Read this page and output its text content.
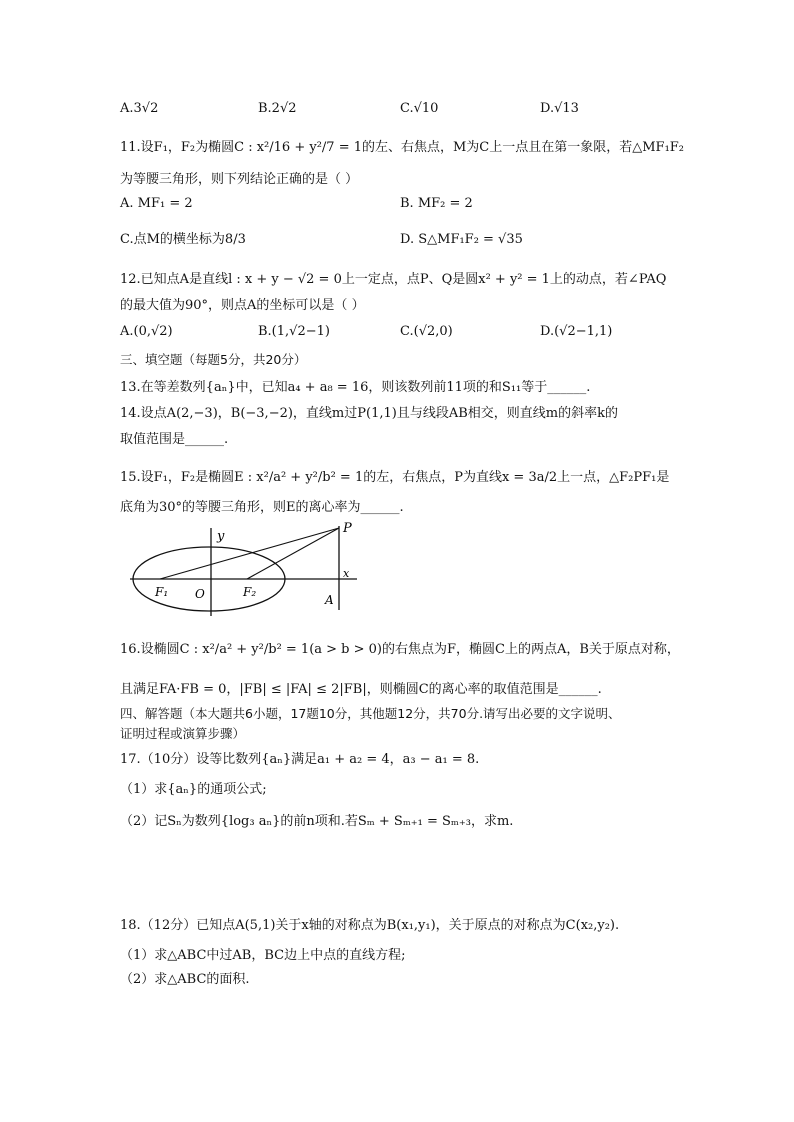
A.3√2	B.2√2	C.√10	D.√13
11.设F₁，F₂为椭圆C : x²/16 + y²/7 = 1的左、右焦点，M为C上一点且在第一象限，若△MF₁F₂
为等腰三角形，则下列结论正确的是（ ）
A. MF₁ = 2	B. MF₂ = 2
C.点M的横坐标为8/3	D. S△MF₁F₂ = √35
12.已知点A是直线l : x + y − √2 = 0上一定点，点P、Q是圆x² + y² = 1上的动点，若∠PAQ
的最大值为90°，则点A的坐标可以是（ ）
A.(0,√2)	B.(1,√2−1)	C.(√2,0)	D.(√2−1,1)
三、填空题（每题5分，共20分）
13.在等差数列{aₙ}中，已知a₄ + a₈ = 16，则该数列前11项的和S₁₁等于______.
14.设点A(2,−3)，B(−3,−2)，直线m过P(1,1)且与线段AB相交，则直线m的斜率k的
取值范围是______.
15.设F₁，F₂是椭圆E : x²/a² + y²/b² = 1的左，右焦点，P为直线x = 3a/2上一点，△F₂PF₁是
底角为30°的等腰三角形，则E的离心率为______.
y
P
x
F₁ O	F₂
A
16.设椭圆C : x²/a² + y²/b² = 1(a > b > 0)的右焦点为F，椭圆C上的两点A，B关于原点对称，
且满足FA·FB = 0，|FB| ≤ |FA| ≤ 2|FB|，则椭圆C的离心率的取值范围是______.
四、解答题（本大题共6小题，17题10分，其他题12分，共70分.请写出必要的文字说明、
证明过程或演算步骤）
17.（10分）设等比数列{aₙ}满足a₁ + a₂ = 4，a₃ − a₁ = 8.
（1）求{aₙ}的通项公式;
（2）记Sₙ为数列{log₃ aₙ}的前n项和.若Sₘ + Sₘ₊₁ = Sₘ₊₃，求m.
18.（12分）已知点A(5,1)关于x轴的对称点为B(x₁,y₁)，关于原点的对称点为C(x₂,y₂).
（1）求△ABC中过AB，BC边上中点的直线方程;
（2）求△ABC的面积.
